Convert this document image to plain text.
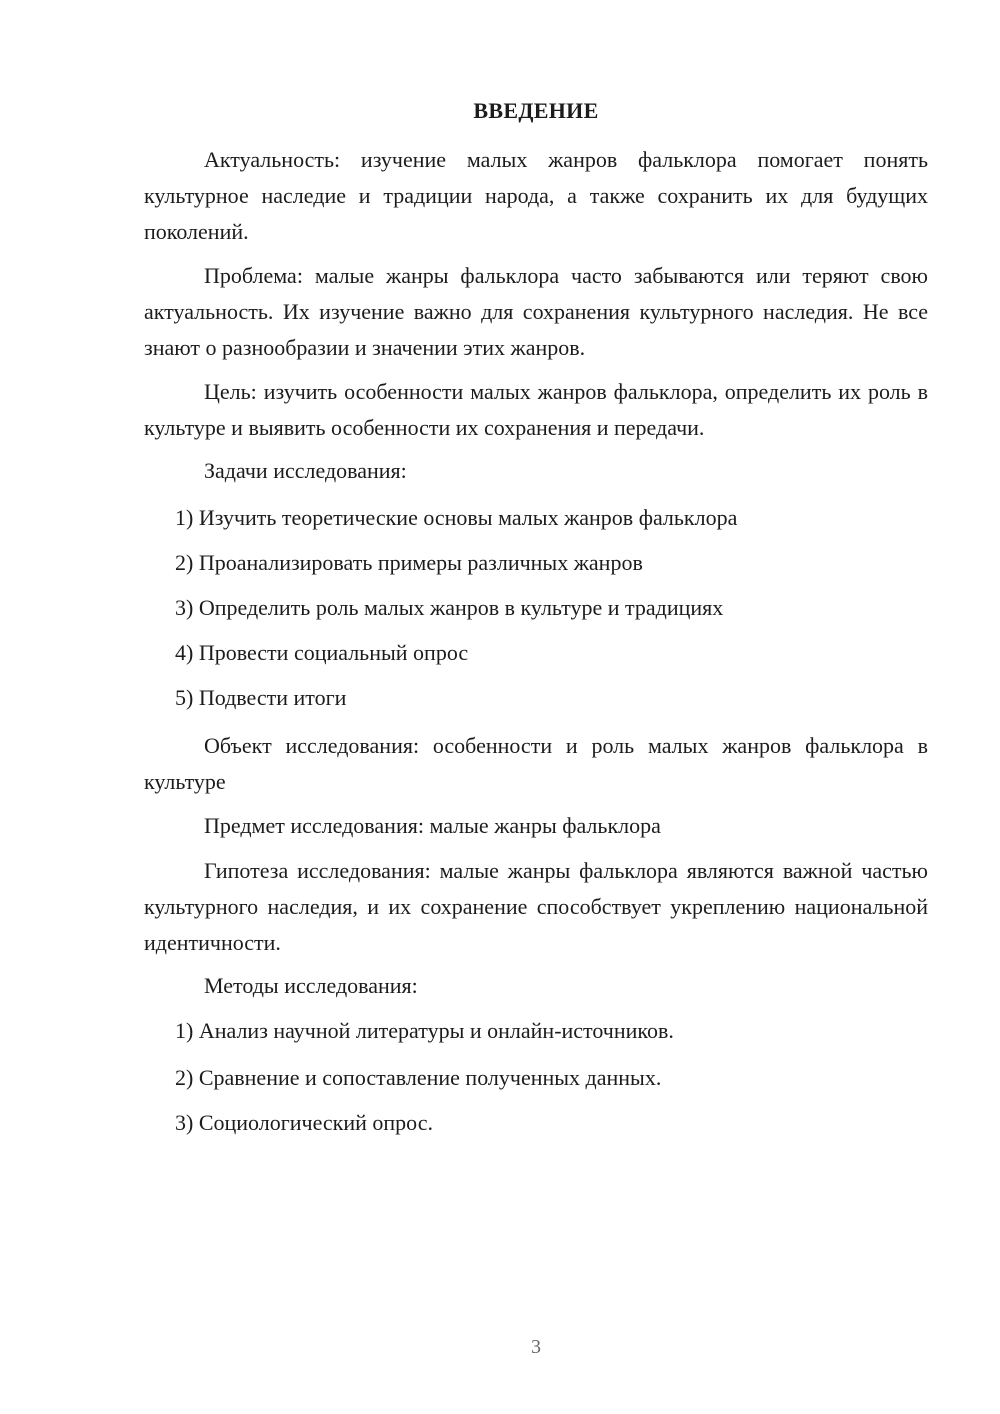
ВВЕДЕНИЕ

Актуальность: изучение малых жанров фальклора помогает понять культурное наследие и традиции народа, а также сохранить их для будущих поколений.

Проблема: малые жанры фальклора часто забываются или теряют свою актуальность. Их изучение важно для сохранения культурного наследия. Не все знают о разнообразии и значении этих жанров.

Цель: изучить особенности малых жанров фальклора, определить их роль в культуре и выявить особенности их сохранения и передачи.

Задачи исследования:

1) Изучить теоретические основы малых жанров фальклора

2) Проанализировать примеры различных жанров

3) Определить роль малых жанров в культуре и традициях

4) Провести социальный опрос

5) Подвести итоги

Объект исследования: особенности и роль малых жанров фальклора в культуре

Предмет исследования: малые жанры фальклора

Гипотеза исследования: малые жанры фальклора являются важной частью культурного наследия, и их сохранение способствует укреплению национальной идентичности.

Методы исследования:

1) Анализ научной литературы и онлайн-источников.

2) Сравнение и сопоставление полученных данных.

3) Социологический опрос.

3
